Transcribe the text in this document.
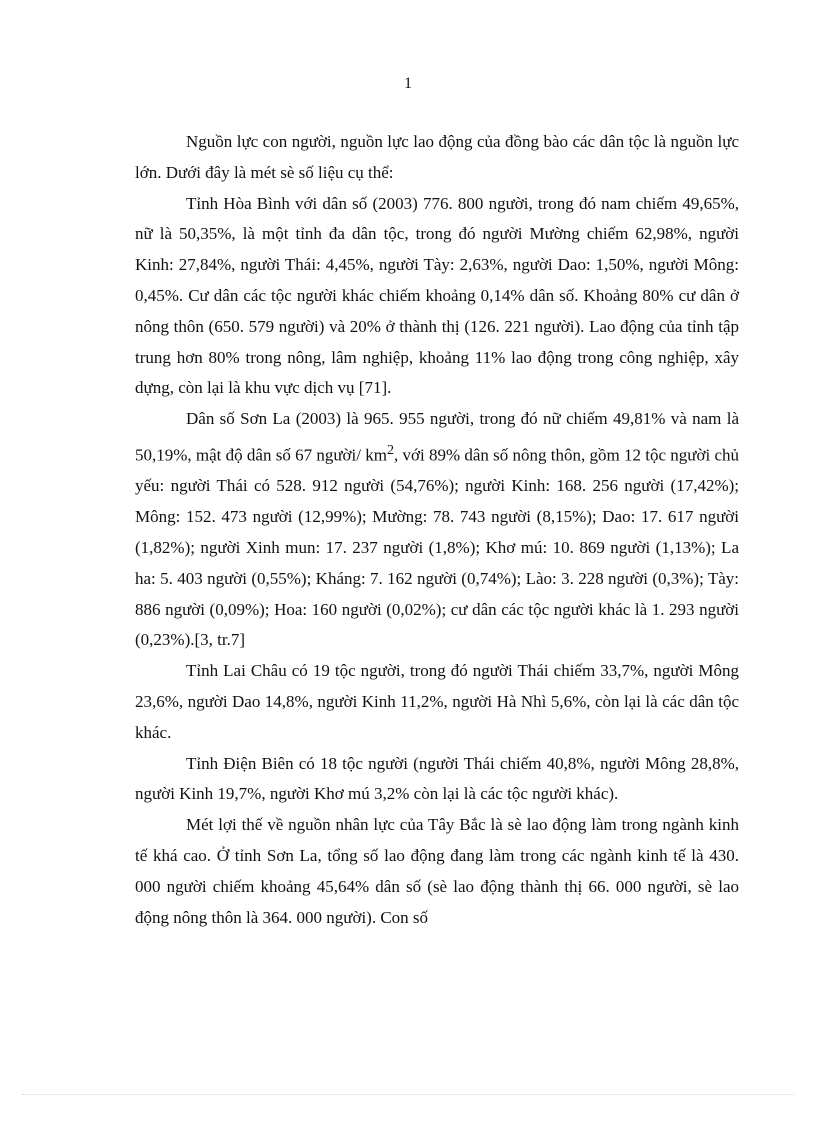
1

Nguồn lực con người, nguồn lực lao động của đồng bào các dân tộc là nguồn lực lớn. Dưới đây là mét sè số liệu cụ thể:

Tỉnh Hòa Bình với dân số (2003) 776. 800 người, trong đó nam chiếm 49,65%, nữ là 50,35%, là một tỉnh đa dân tộc, trong đó người Mường chiếm 62,98%, người Kinh: 27,84%, người Thái: 4,45%, người Tày: 2,63%, người Dao: 1,50%, người Mông: 0,45%. Cư dân các tộc người khác chiếm khoảng 0,14% dân số. Khoảng 80% cư dân ở nông thôn (650. 579 người) và 20% ở thành thị (126. 221 người). Lao động của tỉnh tập trung hơn 80% trong nông, lâm nghiệp, khoảng 11% lao động trong công nghiệp, xây dựng, còn lại là khu vực dịch vụ [71].

Dân số Sơn La (2003) là 965. 955 người, trong đó nữ chiếm 49,81% và nam là 50,19%, mật độ dân số 67 người/ $km^2$, với 89% dân số nông thôn, gồm 12 tộc người chủ yếu: người Thái có 528. 912 người (54,76%); người Kinh: 168. 256 người (17,42%); Mông: 152. 473 người (12,99%); Mường: 78. 743 người (8,15%); Dao: 17. 617 người (1,82%); người Xinh mun: 17. 237 người (1,8%); Khơ mú: 10. 869 người (1,13%); La ha: 5. 403 người (0,55%); Kháng: 7. 162 người (0,74%); Lào: 3. 228 người (0,3%); Tày: 886 người (0,09%); Hoa: 160 người (0,02%); cư dân các tộc người khác là 1. 293 người (0,23%).[3, tr.7]

Tỉnh Lai Châu có 19 tộc người, trong đó người Thái chiếm 33,7%, người Mông 23,6%, người Dao 14,8%, người Kinh 11,2%, người Hà Nhì 5,6%, còn lại là các dân tộc khác.

Tỉnh Điện Biên có 18 tộc người (người Thái chiếm 40,8%, người Mông 28,8%, người Kinh 19,7%, người Khơ mú 3,2% còn lại là các tộc người khác).

Mét lợi thế về nguồn nhân lực của Tây Bắc là sè lao động làm trong ngành kinh tế khá cao. Ở tỉnh Sơn La, tổng số lao động đang làm trong các ngành kinh tế là 430. 000 người chiếm khoảng 45,64% dân số (sè lao động thành thị 66. 000 người, sè lao động nông thôn là 364. 000 người). Con số
